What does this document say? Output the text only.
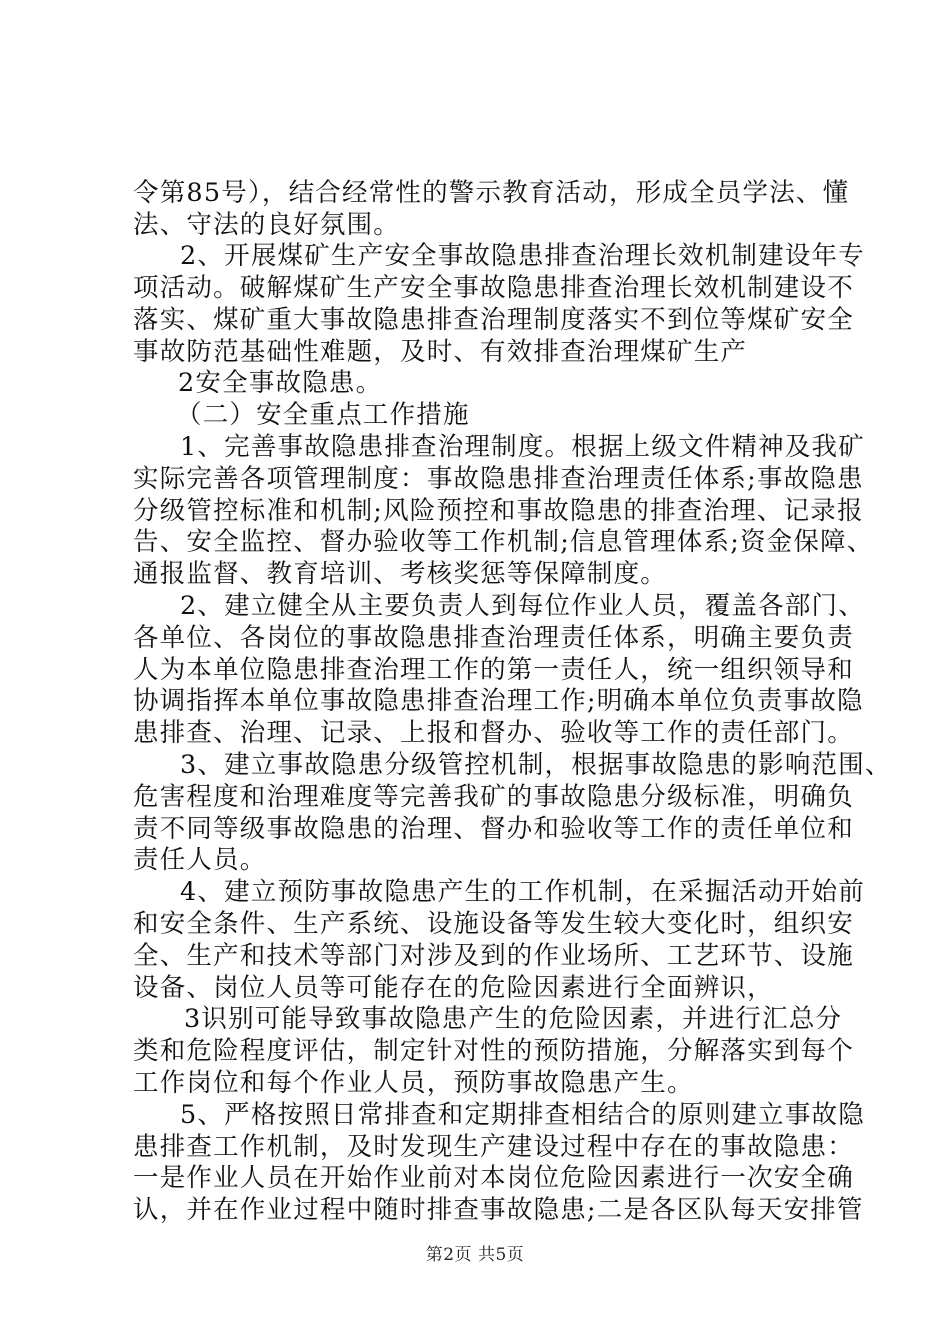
令第85号），结合经常性的警示教育活动，形成全员学法、懂
法、守法的良好氛围。
2、开展煤矿生产安全事故隐患排查治理长效机制建设年专
项活动。破解煤矿生产安全事故隐患排查治理长效机制建设不
落实、煤矿重大事故隐患排查治理制度落实不到位等煤矿安全
事故防范基础性难题，及时、有效排查治理煤矿生产
2安全事故隐患。
（二）安全重点工作措施
1、完善事故隐患排查治理制度。根据上级文件精神及我矿
实际完善各项管理制度：事故隐患排查治理责任体系;事故隐患
分级管控标准和机制;风险预控和事故隐患的排查治理、记录报
告、安全监控、督办验收等工作机制;信息管理体系;资金保障、
通报监督、教育培训、考核奖惩等保障制度。
2、建立健全从主要负责人到每位作业人员，覆盖各部门、
各单位、各岗位的事故隐患排查治理责任体系，明确主要负责
人为本单位隐患排查治理工作的第一责任人，统一组织领导和
协调指挥本单位事故隐患排查治理工作;明确本单位负责事故隐
患排查、治理、记录、上报和督办、验收等工作的责任部门。
3、建立事故隐患分级管控机制，根据事故隐患的影响范围、
危害程度和治理难度等完善我矿的事故隐患分级标准，明确负
责不同等级事故隐患的治理、督办和验收等工作的责任单位和
责任人员。
4、建立预防事故隐患产生的工作机制，在采掘活动开始前
和安全条件、生产系统、设施设备等发生较大变化时，组织安
全、生产和技术等部门对涉及到的作业场所、工艺环节、设施
设备、岗位人员等可能存在的危险因素进行全面辨识，
3识别可能导致事故隐患产生的危险因素，并进行汇总分
类和危险程度评估，制定针对性的预防措施，分解落实到每个
工作岗位和每个作业人员，预防事故隐患产生。
5、严格按照日常排查和定期排查相结合的原则建立事故隐
患排查工作机制，及时发现生产建设过程中存在的事故隐患：
一是作业人员在开始作业前对本岗位危险因素进行一次安全确
认，并在作业过程中随时排查事故隐患;二是各区队每天安排管
第2页 共5页
